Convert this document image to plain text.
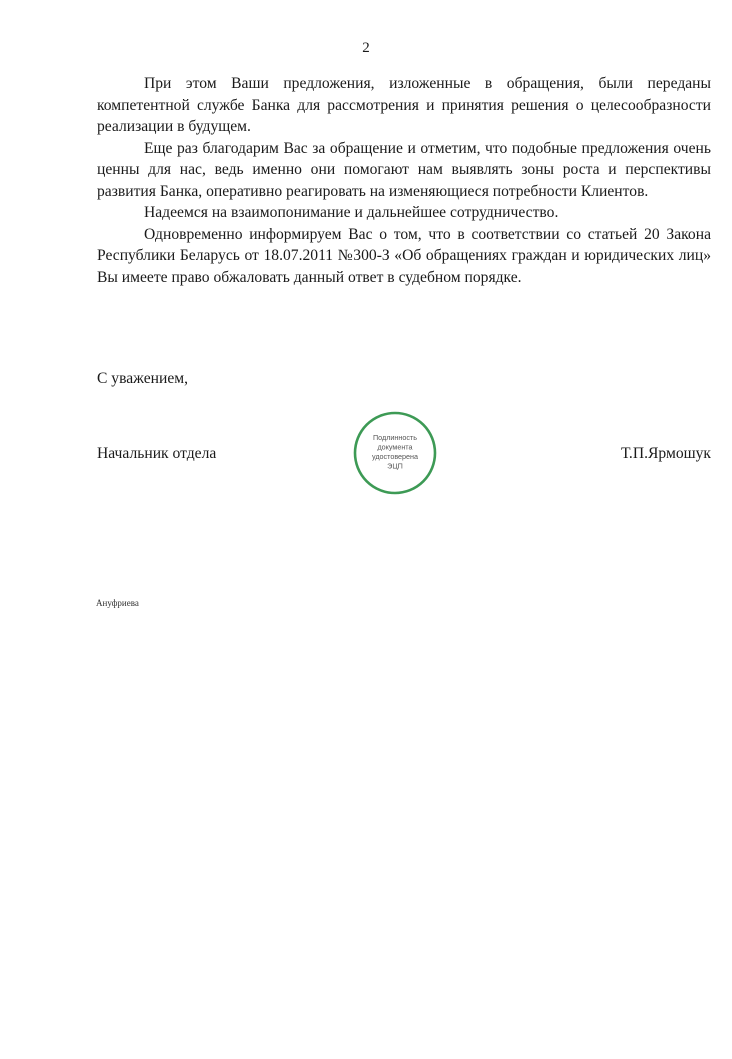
2

При этом Ваши предложения, изложенные в обращения, были переданы компетентной службе Банка для рассмотрения и принятия решения о целесообразности реализации в будущем.

Еще раз благодарим Вас за обращение и отметим, что подобные предложения очень ценны для нас, ведь именно они помогают нам выявлять зоны роста и перспективы развития Банка, оперативно реагировать на изменяющиеся потребности Клиентов.

Надеемся на взаимопонимание и дальнейшее сотрудничество.

Одновременно информируем Вас о том, что в соответствии со статьей 20 Закона Республики Беларусь от 18.07.2011 №300-З «Об обращениях граждан и юридических лиц» Вы имеете право обжаловать данный ответ в судебном порядке.

С уважением,
Начальник отдела
Подлинность
документа
удостоверена
ЭЦП
Т.П.Ярмошук
Ануфриева
